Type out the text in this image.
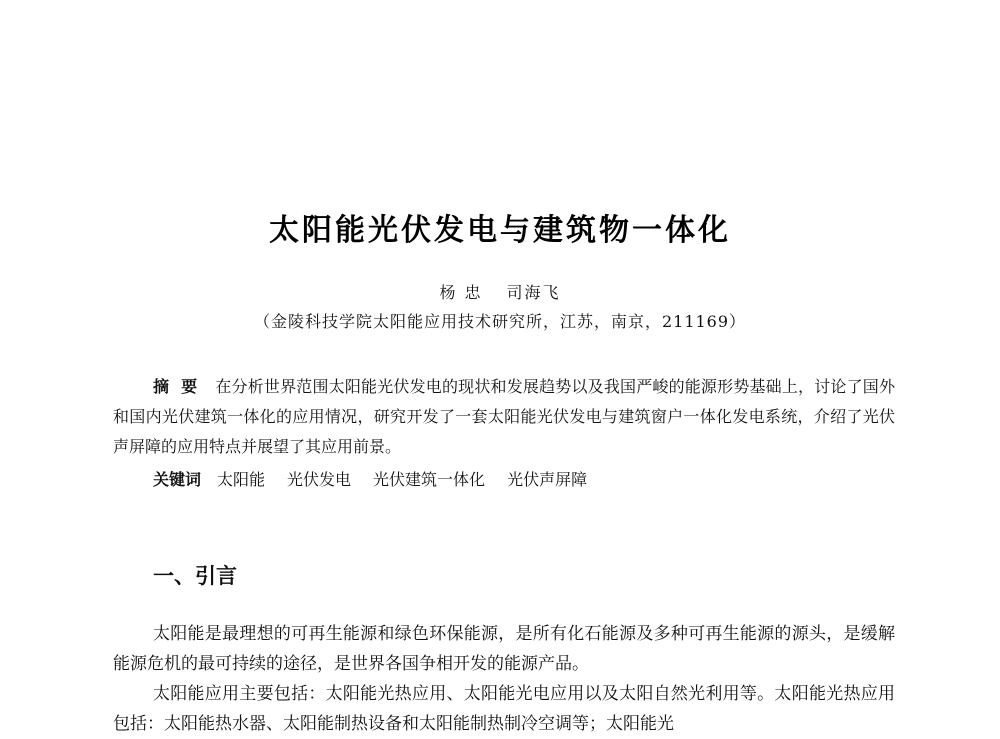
太阳能光伏发电与建筑物一体化
杨 忠 司海飞
（金陵科技学院太阳能应用技术研究所，江苏，南京，211169）

摘要 在分析世界范围太阳能光伏发电的现状和发展趋势以及我国严峻的能源形势基础上，讨论了国外和国内光伏建筑一体化的应用情况，研究开发了一套太阳能光伏发电与建筑窗户一体化发电系统，介绍了光伏声屏障的应用特点并展望了其应用前景。

关键词 太阳能 光伏发电 光伏建筑一体化 光伏声屏障

一、引言

太阳能是最理想的可再生能源和绿色环保能源，是所有化石能源及多种可再生能源的源头，是缓解能源危机的最可持续的途径，是世界各国争相开发的能源产品。

太阳能应用主要包括：太阳能光热应用、太阳能光电应用以及太阳自然光利用等。太阳能光热应用包括：太阳能热水器、太阳能制热设备和太阳能制热制冷空调等；太阳能光
